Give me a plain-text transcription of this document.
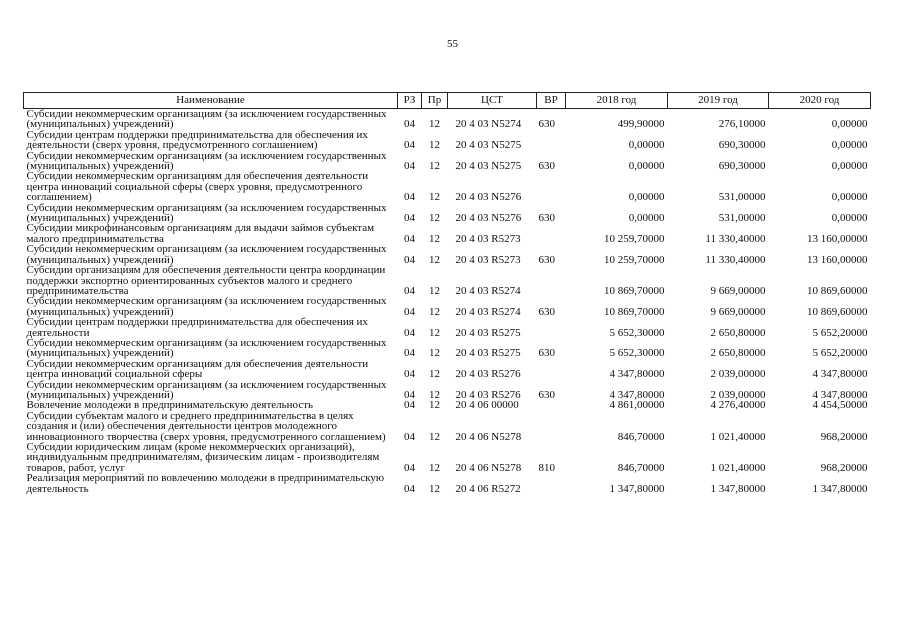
55
Наименование	РЗ	Пр	ЦСТ	ВР	2018 год	2019 год	2020 год
Субсидии некоммерческим организациям (за исключением государственных (муниципальных) учреждений)	04	12	20 4 03 N5274	630	499,90000	276,10000	0,00000
Субсидии центрам поддержки предпринимательства для обеспечения их деятельности (сверх уровня, предусмотренного соглашением)	04	12	20 4 03 N5275		0,00000	690,30000	0,00000
Субсидии некоммерческим организациям (за исключением государственных (муниципальных) учреждений)	04	12	20 4 03 N5275	630	0,00000	690,30000	0,00000
Субсидии некоммерческим организациям для обеспечения деятельности центра инноваций социальной сферы (сверх уровня, предусмотренного соглашением)	04	12	20 4 03 N5276		0,00000	531,00000	0,00000
Субсидии некоммерческим организациям (за исключением государственных (муниципальных) учреждений)	04	12	20 4 03 N5276	630	0,00000	531,00000	0,00000
Субсидии микрофинансовым организациям для выдачи займов субъектам малого предпринимательства	04	12	20 4 03 R5273		10 259,70000	11 330,40000	13 160,00000
Субсидии некоммерческим организациям (за исключением государственных (муниципальных) учреждений)	04	12	20 4 03 R5273	630	10 259,70000	11 330,40000	13 160,00000
Субсидии организациям для обеспечения деятельности центра координации поддержки экспортно ориентированных субъектов малого и среднего предпринимательства	04	12	20 4 03 R5274		10 869,70000	9 669,00000	10 869,60000
Субсидии некоммерческим организациям (за исключением государственных (муниципальных) учреждений)	04	12	20 4 03 R5274	630	10 869,70000	9 669,00000	10 869,60000
Субсидии центрам поддержки предпринимательства для обеспечения их деятельности	04	12	20 4 03 R5275		5 652,30000	2 650,80000	5 652,20000
Субсидии некоммерческим организациям (за исключением государственных (муниципальных) учреждений)	04	12	20 4 03 R5275	630	5 652,30000	2 650,80000	5 652,20000
Субсидии некоммерческим организациям для обеспечения деятельности центра инноваций социальной сферы	04	12	20 4 03 R5276		4 347,80000	2 039,00000	4 347,80000
Субсидии некоммерческим организациям (за исключением государственных (муниципальных) учреждений)	04	12	20 4 03 R5276	630	4 347,80000	2 039,00000	4 347,80000
Вовлечение молодежи в предпринимательскую деятельность	04	12	20 4 06 00000		4 861,00000	4 276,40000	4 454,50000
Субсидии субъектам малого и среднего предпринимательства в целях создания и (или) обеспечения деятельности центров молодежного инновационного творчества (сверх уровня, предусмотренного соглашением)	04	12	20 4 06 N5278		846,70000	1 021,40000	968,20000
Субсидии юридическим лицам (кроме некоммерческих организаций), индивидуальным предпринимателям, физическим лицам - производителям товаров, работ, услуг	04	12	20 4 06 N5278	810	846,70000	1 021,40000	968,20000
Реализация мероприятий по вовлечению молодежи в предпринимательскую деятельность	04	12	20 4 06 R5272		1 347,80000	1 347,80000	1 347,80000
